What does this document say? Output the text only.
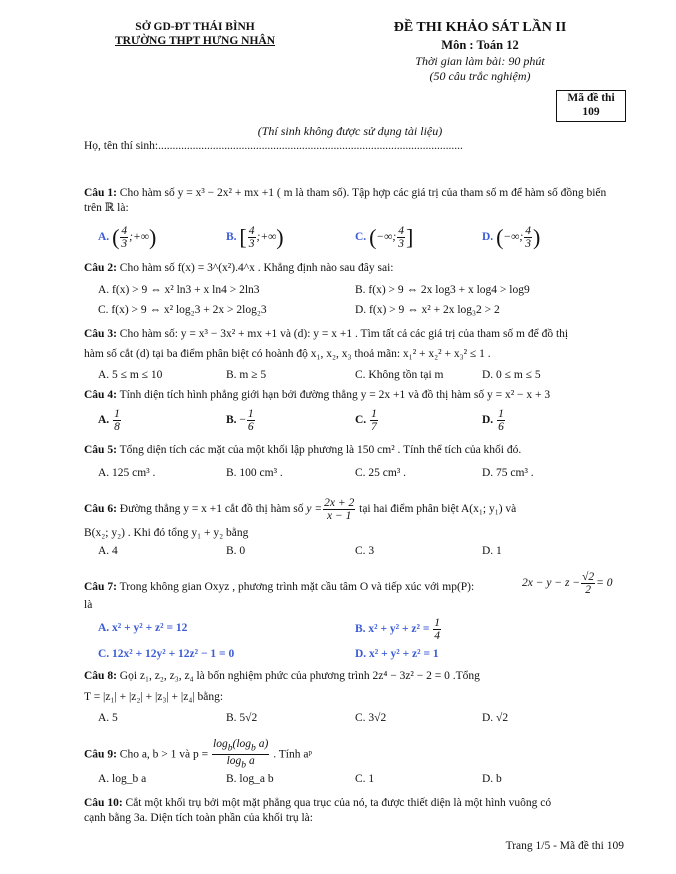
SỞ GD-ĐT THÁI BÌNH
TRƯỜNG THPT HƯNG NHÂN
ĐỀ THI KHẢO SÁT LẦN II
Môn : Toán 12
Thời gian làm bài: 90 phút
(50 câu trắc nghiệm)
Mã đề thi
109
(Thí sinh không được sử dụng tài liệu)
Họ, tên thí sinh:..........................................................................................................
Câu 1: Cho hàm số y = x³ − 2x² + mx +1 ( m là tham số). Tập hợp các giá trị của tham số m để hàm số đồng biến trên ℝ là:
A. ( $\frac{4}{3}$ ;+∞)	B. [ $\frac{4}{3}$ ;+∞)	C. (−∞; $\frac{4}{3}$ ]	D. (−∞; $\frac{4}{3}$ )
Câu 2: Cho hàm số f(x) = 3^(x²).4^x . Khẳng định nào sau đây sai:
A. f(x) > 9 ⇔ x² ln3 + x ln4 > 2ln3	B. f(x) > 9 ⇔ 2x log3 + x log4 > log9
C. f(x) > 9 ⇔ x² log₂3 + 2x > 2log₂3	D. f(x) > 9 ⇔ x² + 2x log₃2 > 2
Câu 3: Cho hàm số: y = x³ − 3x² + mx +1 và (d): y = x +1 . Tìm tất cả các giá trị của tham số m để đồ thị
hàm số cắt (d) tại ba điểm phân biệt có hoành độ x₁, x₂, x₃ thoả mãn: x₁² + x₂² + x₃² ≤ 1 .
A. 5 ≤ m ≤ 10	B. m ≥ 5	C. Không tồn tại m	D. 0 ≤ m ≤ 5
Câu 4: Tính diện tích hình phẳng giới hạn bởi đường thẳng y = 2x +1 và đồ thị hàm số y = x² − x + 3
A. $\frac{1}{8}$	B. − $\frac{1}{6}$	C. $\frac{1}{7}$	D. $\frac{1}{6}$
Câu 5: Tổng diện tích các mặt của một khối lập phương là 150 cm² . Tính thể tích của khối đó.
A. 125 cm³ .	B. 100 cm³ .	C. 25 cm³ .	D. 75 cm³ .
Câu 6: Đường thẳng y = x +1 cắt đồ thị hàm số $y = \frac{2x + 2}{x - 1}$ tại hai điểm phân biệt A(x₁; y₁) và
B(x₂; y₂) . Khi đó tổng y₁ + y₂ bằng
A. 4	B. 0	C. 3	D. 1
Câu 7: Trong không gian Oxyz , phương trình mặt cầu tâm O và tiếp xúc với mp(P):	$2x - y - z - \frac{√2}{2} = 0$
là
A. x² + y² + z² = 12	B. $x^2 + y^2 + z^2 = \frac{1}{4}$
C. 12x² + 12y² + 12z² − 1 = 0	D. x² + y² + z² = 1
Câu 8: Gọi z₁, z₂, z₃, z₄ là bốn nghiệm phức của phương trình 2z⁴ − 3z² − 2 = 0 .Tổng
T = |z₁| + |z₂| + |z₃| + |z₄| bằng:
A. 5	B. 5√2	C. 3√2	D. √2
Câu 9: Cho a, b > 1 và $p = \frac{\log_b(\log_b a)}{\log_b a}$ . Tính aᵖ
A. log_b a	B. log_a b	C. 1	D. b
Câu 10: Cắt một khối trụ bởi một mặt phẳng qua trục của nó, ta được thiết diện là một hình vuông có
cạnh bằng 3a. Diện tích toàn phần của khối trụ là:
Trang 1/5 - Mã đề thi 109
